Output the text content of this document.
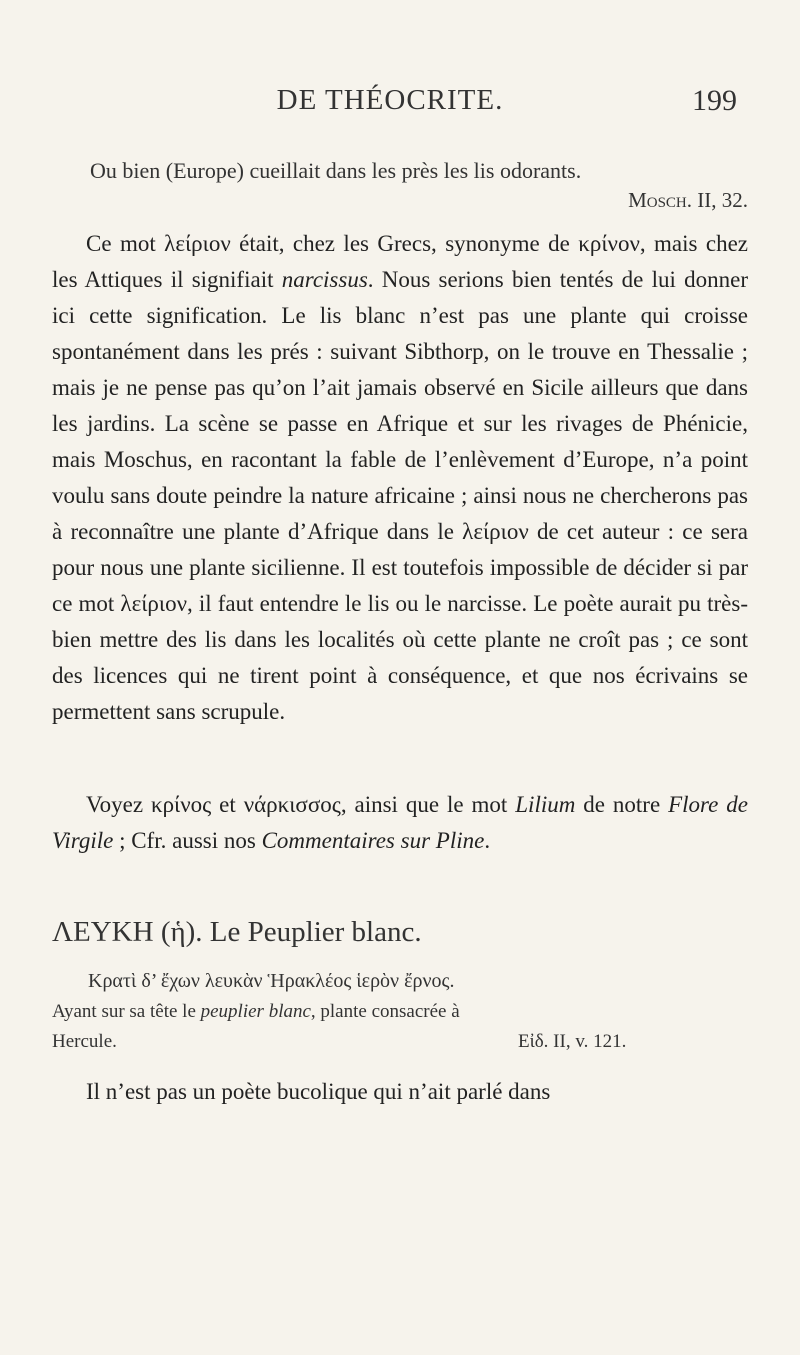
DE THÉOCRITE.	199
Ou bien (Europe) cueillait dans les près les lis odorants.
Mosch. II, 32.
Ce mot λείριον était, chez les Grecs, synonyme de κρίνον, mais chez les Attiques il signifiait narcissus. Nous serions bien tentés de lui donner ici cette signification. Le lis blanc n’est pas une plante qui croisse spontanément dans les prés : suivant Sibthorp, on le trouve en Thessalie ; mais je ne pense pas qu’on l’ait jamais observé en Sicile ailleurs que dans les jardins. La scène se passe en Afrique et sur les rivages de Phénicie, mais Moschus, en racontant la fable de l’enlèvement d’Europe, n’a point voulu sans doute peindre la nature africaine ; ainsi nous ne chercherons pas à reconnaître une plante d’Afrique dans le λείριον de cet auteur : ce sera pour nous une plante sicilienne. Il est toutefois impossible de décider si par ce mot λείριον, il faut entendre le lis ou le narcisse. Le poète aurait pu très-bien mettre des lis dans les localités où cette plante ne croît pas ; ce sont des licences qui ne tirent point à conséquence, et que nos écrivains se permettent sans scrupule.
Voyez κρίνος et νάρκισσος, ainsi que le mot Lilium de notre Flore de Virgile ; Cfr. aussi nos Commentaires sur Pline.
ΛΕΥΚΗ (ἡ). Le Peuplier blanc.
Κρατὶ δ’ ἔχων λευκὰν Ἡρακλέος ἱερὸν ἔρνος.
Ayant sur sa tête le peuplier blanc, plante consacrée à
Hercule.	Εἰδ. II, v. 121.
Il n’est pas un poète bucolique qui n’ait parlé dans
